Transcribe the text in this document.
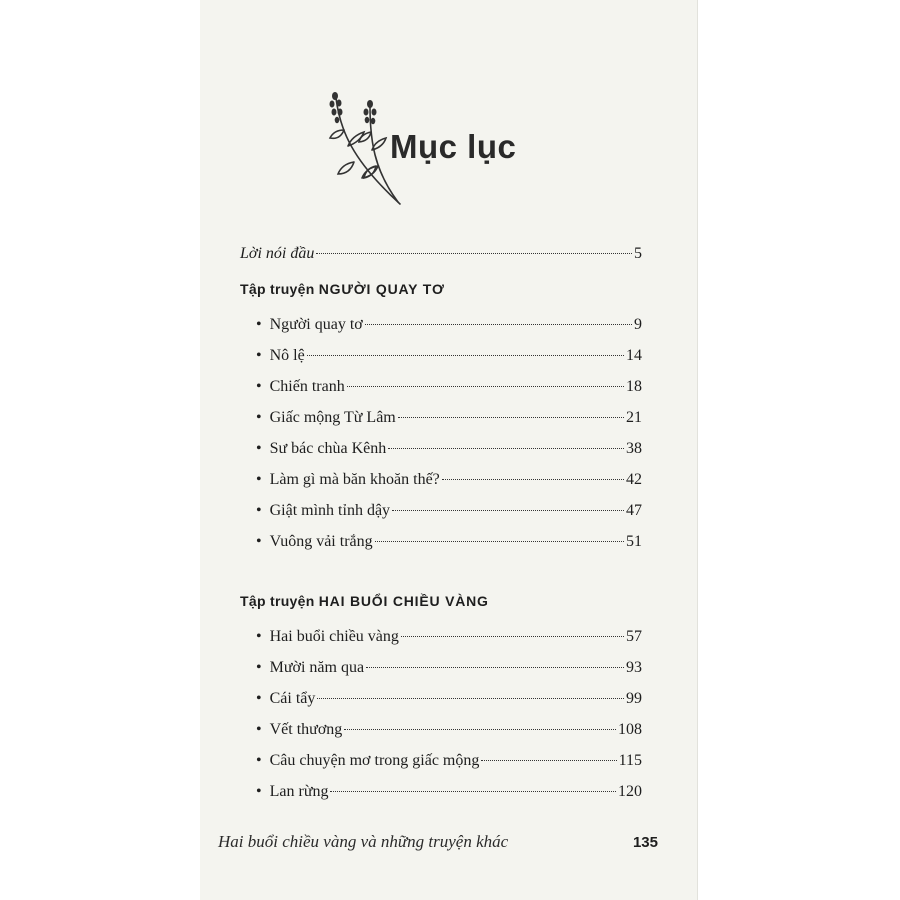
Mục lục
Lời nói đầu	5
Tập truyện NGƯỜI QUAY TƠ
• Người quay tơ	9
• Nô lệ	14
• Chiến tranh	18
• Giấc mộng Từ Lâm	21
• Sư bác chùa Kênh	38
• Làm gì mà băn khoăn thế?	42
• Giật mình tỉnh dậy	47
• Vuông vải trắng	51
Tập truyện HAI BUỔI CHIỀU VÀNG
• Hai buổi chiều vàng	57
• Mười năm qua	93
• Cái tẩy	99
• Vết thương	108
• Câu chuyện mơ trong giấc mộng	115
• Lan rừng	120
Hai buổi chiều vàng và những truyện khác	135
